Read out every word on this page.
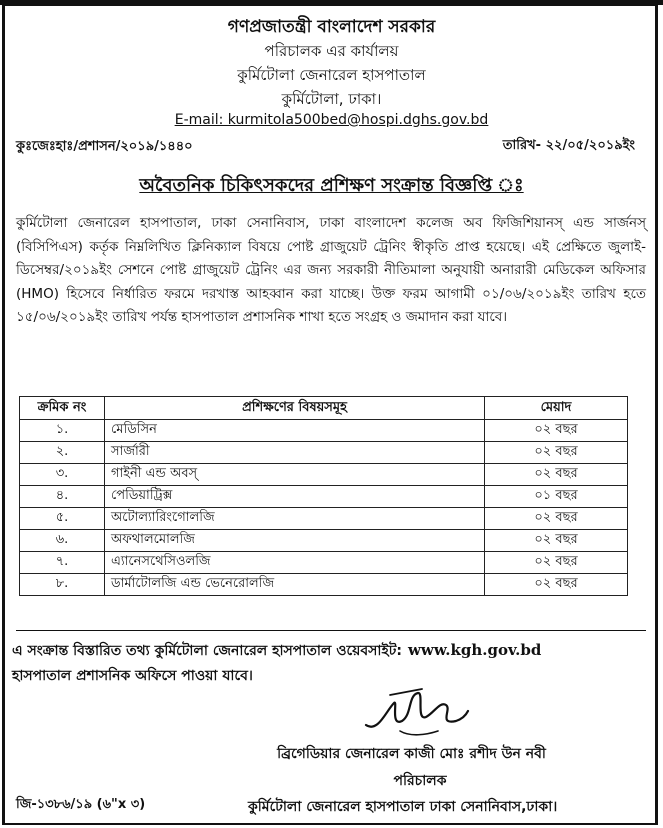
গণপ্রজাতন্ত্রী বাংলাদেশ সরকার
পরিচালক এর কার্যালয়
কুর্মিটোলা জেনারেল হাসপাতাল
কুর্মিটোলা, ঢাকা।
E-mail: kurmitola500bed@hospi.dghs.gov.bd
কুঃজেঃহাঃ/প্রশাসন/২০১৯/১৪৪০	তারিখ- ২২/০৫/২০১৯ইং
অবৈতনিক চিকিৎসকদের প্রশিক্ষণ সংক্রান্ত বিজ্ঞপ্তি ঃ
কুর্মিটোলা জেনারেল হাসপাতাল, ঢাকা সেনানিবাস, ঢাকা বাংলাদেশ কলেজ অব ফিজিশিয়ানস্ এন্ড সার্জনস্ (বিসিপিএস) কর্তৃক নিম্নলিখিত ক্লিনিক্যাল বিষয়ে পোষ্ট গ্রাজুয়েট ট্রেনিং স্বীকৃতি প্রাপ্ত হয়েছে। এই প্রেক্ষিতে জুলাই-ডিসেম্বর/২০১৯ইং সেশনে পোষ্ট গ্রাজুয়েট ট্রেনিং এর জন্য সরকারী নীতিমালা অনুযায়ী অনারারী মেডিকেল অফিসার (HMO) হিসেবে নির্ধারিত ফরমে দরখাস্ত আহব্বান করা যাচ্ছে। উক্ত ফরম আগামী ০১/০৬/২০১৯ইং তারিখ হতে ১৫/০৬/২০১৯ইং তারিখ পর্যন্ত হাসপাতাল প্রশাসনিক শাখা হতে সংগ্রহ ও জমাদান করা যাবে।
ক্রমিক নং	প্রশিক্ষণের বিষয়সমূহ	মেয়াদ
১.	মেডিসিন	০২ বছর
২.	সার্জারী	০২ বছর
৩.	গাইনী এন্ড অবস্	০২ বছর
৪.	পেডিয়াট্রিক্স	০১ বছর
৫.	অটোল্যারিংগোলজি	০২ বছর
৬.	অফথালমোলজি	০২ বছর
৭.	এ্যানেসথেসিওলজি	০২ বছর
৮.	ডার্মাটোলজি এন্ড ভেনেরোলজি	০২ বছর
এ সংক্রান্ত বিস্তারিত তথ্য কুর্মিটোলা জেনারেল হাসপাতাল ওয়েবসাইট: www.kgh.gov.bd
হাসপাতাল প্রশাসনিক অফিসে পাওয়া যাবে।
ব্রিগেডিয়ার জেনারেল কাজী মোঃ রশীদ উন নবী
পরিচালক
জি-১৩৮৬/১৯ (৬"x ৩)	কুর্মিটোলা জেনারেল হাসপাতাল ঢাকা সেনানিবাস,ঢাকা।
